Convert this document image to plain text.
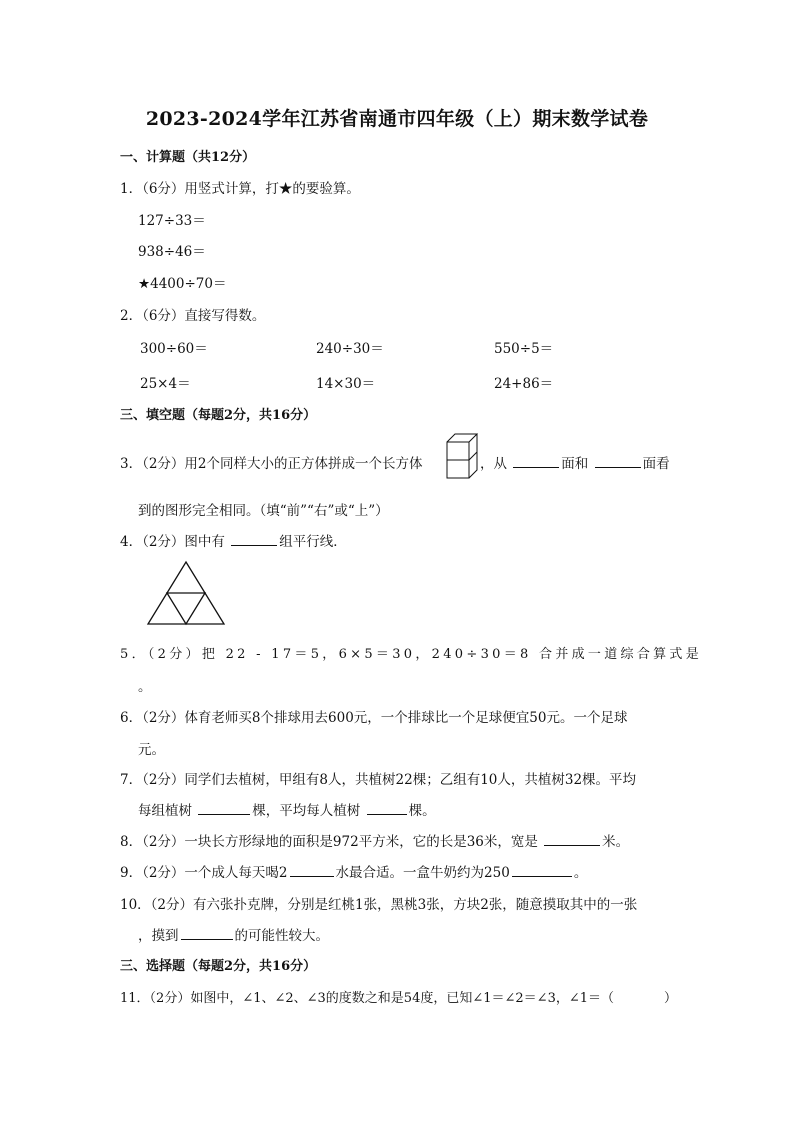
2023-2024学年江苏省南通市四年级（上）期末数学试卷
一、计算题（共12分）
1．（6分）用竖式计算，打★的要验算。
127÷33＝
938÷46＝
★4400÷70＝
2．（6分）直接写得数。
300÷60＝	240÷30＝	550÷5＝
25×4＝	14×30＝	24+86＝
三、填空题（每题2分，共16分）
3．（2分）用2个同样大小的正方体拼成一个长方体	，从	面和	面看
到的图形完全相同。（填“前”“右”或“上”）
4．（2分）图中有	组平行线．
5．（2分）把 22 - 17＝5，6×5＝30，240÷30＝8 合并成一道综合算式是
。
6．（2分）体育老师买8个排球用去600元，一个排球比一个足球便宜50元。一个足球
元。
7．（2分）同学们去植树，甲组有8人，共植树22棵；乙组有10人，共植树32棵。平均
每组植树	棵，平均每人植树	棵。
8．（2分）一块长方形绿地的面积是972平方米，它的长是36米，宽是	米。
9．（2分）一个成人每天喝2	水最合适。一盒牛奶约为250	。
10．（2分）有六张扑克牌，分别是红桃1张，黑桃3张，方块2张，随意摸取其中的一张
，摸到	的可能性较大。
三、选择题（每题2分，共16分）
11．（2分）如图中，∠1、∠2、∠3的度数之和是54度，已知∠1＝∠2＝∠3，∠1＝（	）
